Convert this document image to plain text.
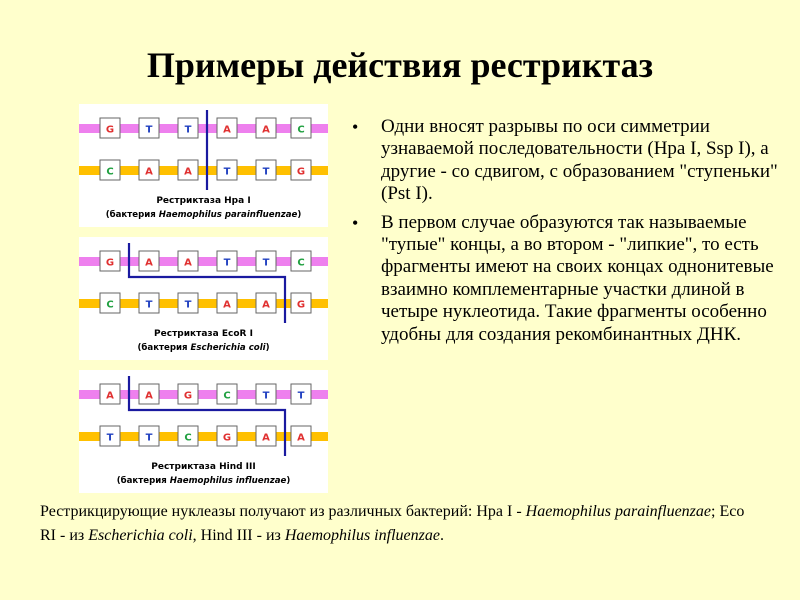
Примеры действия рестриктаз
G	T	T	A	A	C
C	A	A	T	T	G
Рестриктаза Hpa I
(бактерия Haemophilus parainfluenzae)
G	A	A	T	T	C
C	T	T	A	A	G
Рестриктаза EcoR I
(бактерия Escherichia coli)
A	A	G	C	T	T
T	T	C	G	A	A
Рестриктаза Hind III
(бактерия Haemophilus influenzae)
• Одни вносят разрывы по оси симметрии узнаваемой последовательности (Hpa I, Ssp I), а другие - со сдвигом, с образованием "ступеньки" (Pst I).
• В первом случае образуются так называемые "тупые" концы, а во втором - "липкие", то есть фрагменты имеют на своих концах однонитевые взаимно комплементарные участки длиной в четыре нуклеотида. Такие фрагменты особенно удобны для создания рекомбинантных ДНК.
Рестрикцирующие нуклеазы получают из различных бактерий: Hpa I - Haemophilus parainfluenzae; Eco RI - из Escherichia coli, Hind III - из Haemophilus influenzae.
